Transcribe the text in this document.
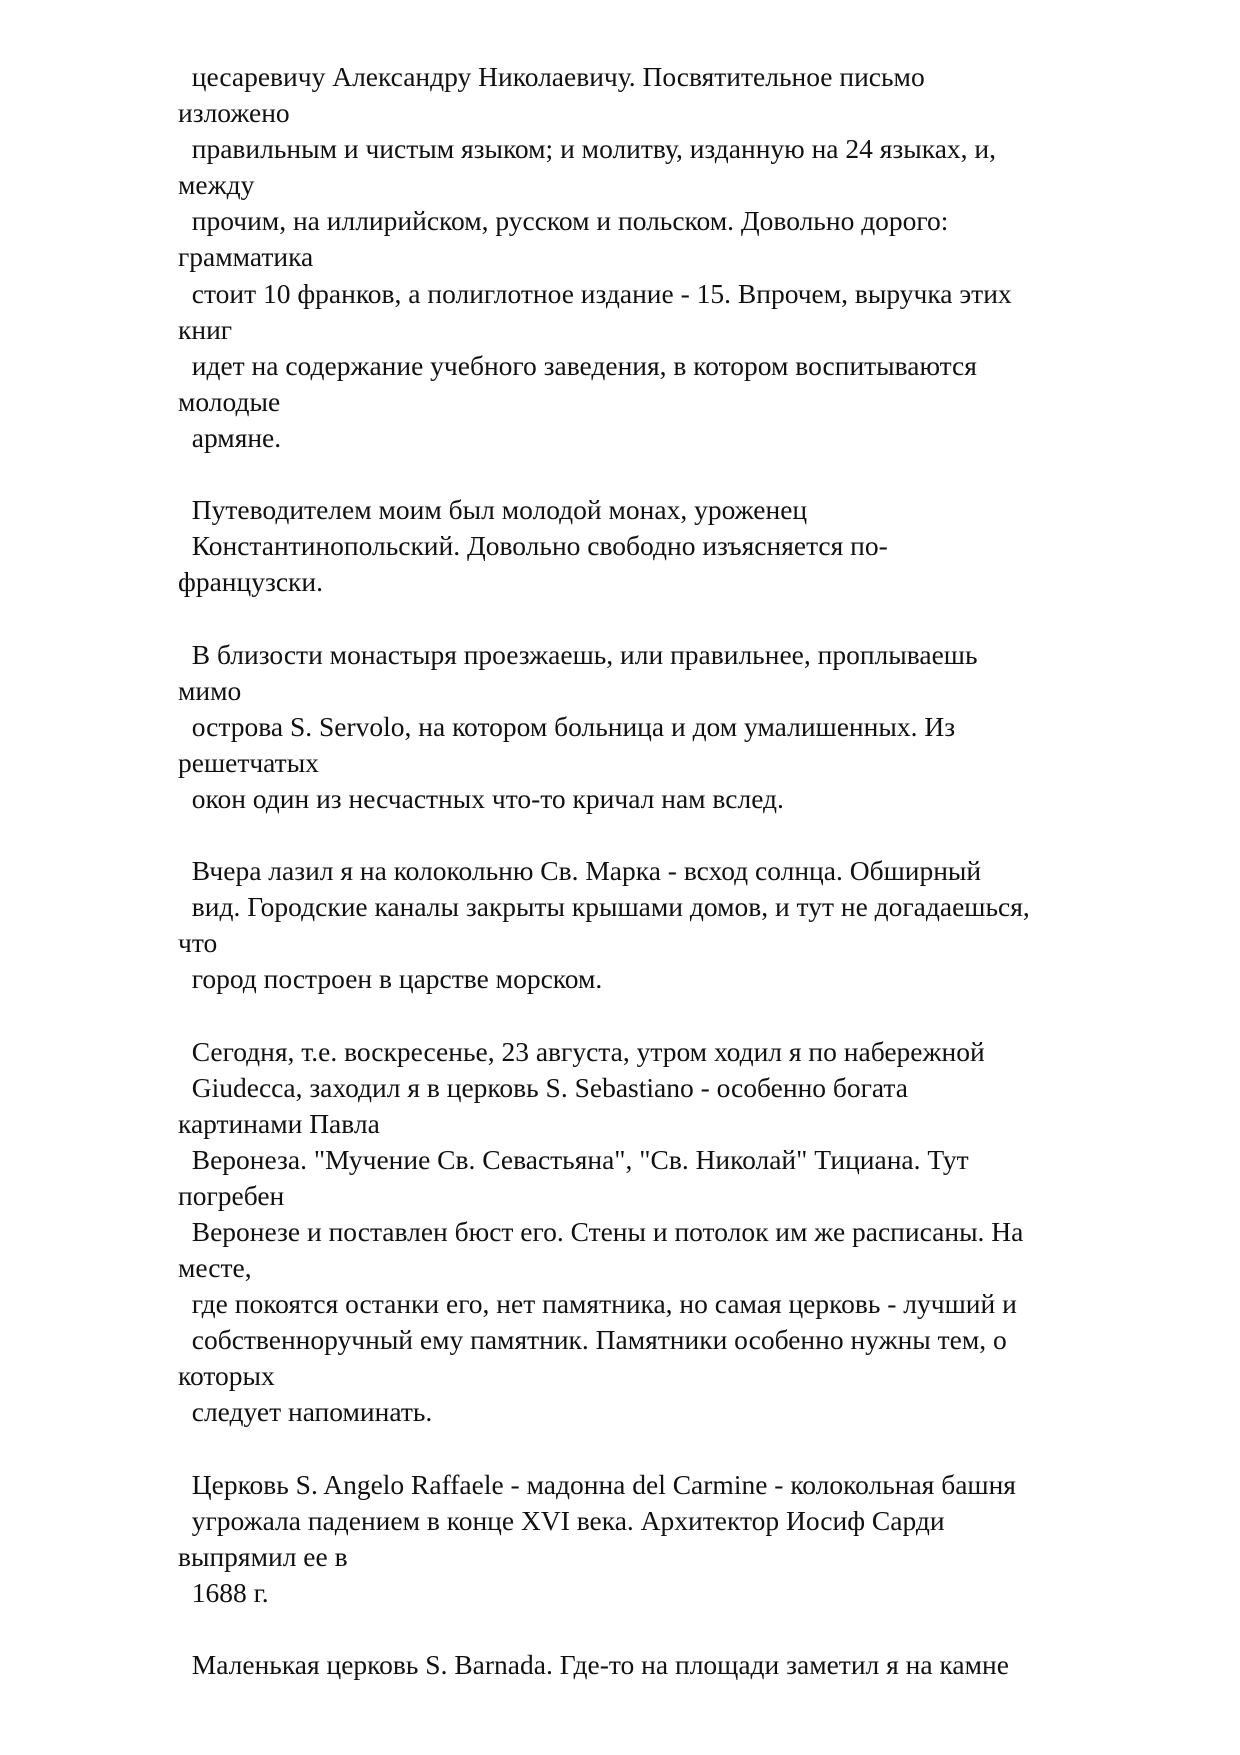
цесаревичу Александру Николаевичу. Посвятительное письмо
изложено
правильным и чистым языком; и молитву, изданную на 24 языках, и,
между
прочим, на иллирийском, русском и польском. Довольно дорого:
грамматика
стоит 10 франков, а полиглотное издание - 15. Впрочем, выручка этих
книг
идет на содержание учебного заведения, в котором воспитываются
молодые
армяне.
Путеводителем моим был молодой монах, уроженец
Константинопольский. Довольно свободно изъясняется по-
французски.
В близости монастыря проезжаешь, или правильнее, проплываешь
мимо
острова S. Servolo, на котором больница и дом умалишенных. Из
решетчатых
окон один из несчастных что-то кричал нам вслед.
Вчера лазил я на колокольню Св. Марка - всход солнца. Обширный
вид. Городские каналы закрыты крышами домов, и тут не догадаешься,
что
город построен в царстве морском.
Сегодня, т.е. воскресенье, 23 августа, утром ходил я по набережной
Giudecca, заходил я в церковь S. Sebastiano - особенно богата
картинами Павла
Веронеза. "Мучение Св. Севастьяна", "Св. Николай" Тициана. Тут
погребен
Веронезе и поставлен бюст его. Стены и потолок им же расписаны. На
месте,
где покоятся останки его, нет памятника, но самая церковь - лучший и
собственноручный ему памятник. Памятники особенно нужны тем, о
которых
следует напоминать.
Церковь S. Angelo Raffaele - мадонна del Carmine - колокольная башня
угрожала падением в конце XVI века. Архитектор Иосиф Сарди
выпрямил ее в
1688 г.
Маленькая церковь S. Barnada. Где-то на площади заметил я на камне
